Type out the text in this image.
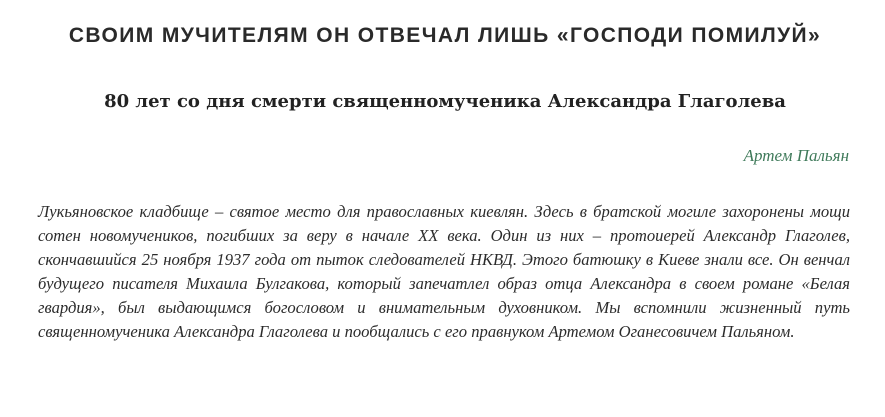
СВОИМ МУЧИТЕЛЯМ ОН ОТВЕЧАЛ ЛИШЬ «ГОСПОДИ ПОМИЛУЙ»
80 лет со дня смерти священномученика Александра Глаголева

Артем Пальян

Лукьяновское кладбище – святое место для православных киевлян. Здесь в братской могиле захоронены мощи сотен новомучеников, погибших за веру в начале XX века. Один из них – протоиерей Александр Глаголев, скончавшийся 25 ноября 1937 года от пыток следователей НКВД. Этого батюшку в Киеве знали все. Он венчал будущего писателя Михаила Булгакова, который запечатлел образ отца Александра в своем романе «Белая гвардия», был выдающимся богословом и внимательным духовником. Мы вспомнили жизненный путь священномученика Александра Глаголева и пообщались с его правнуком Артемом Оганесовичем Пальяном.
